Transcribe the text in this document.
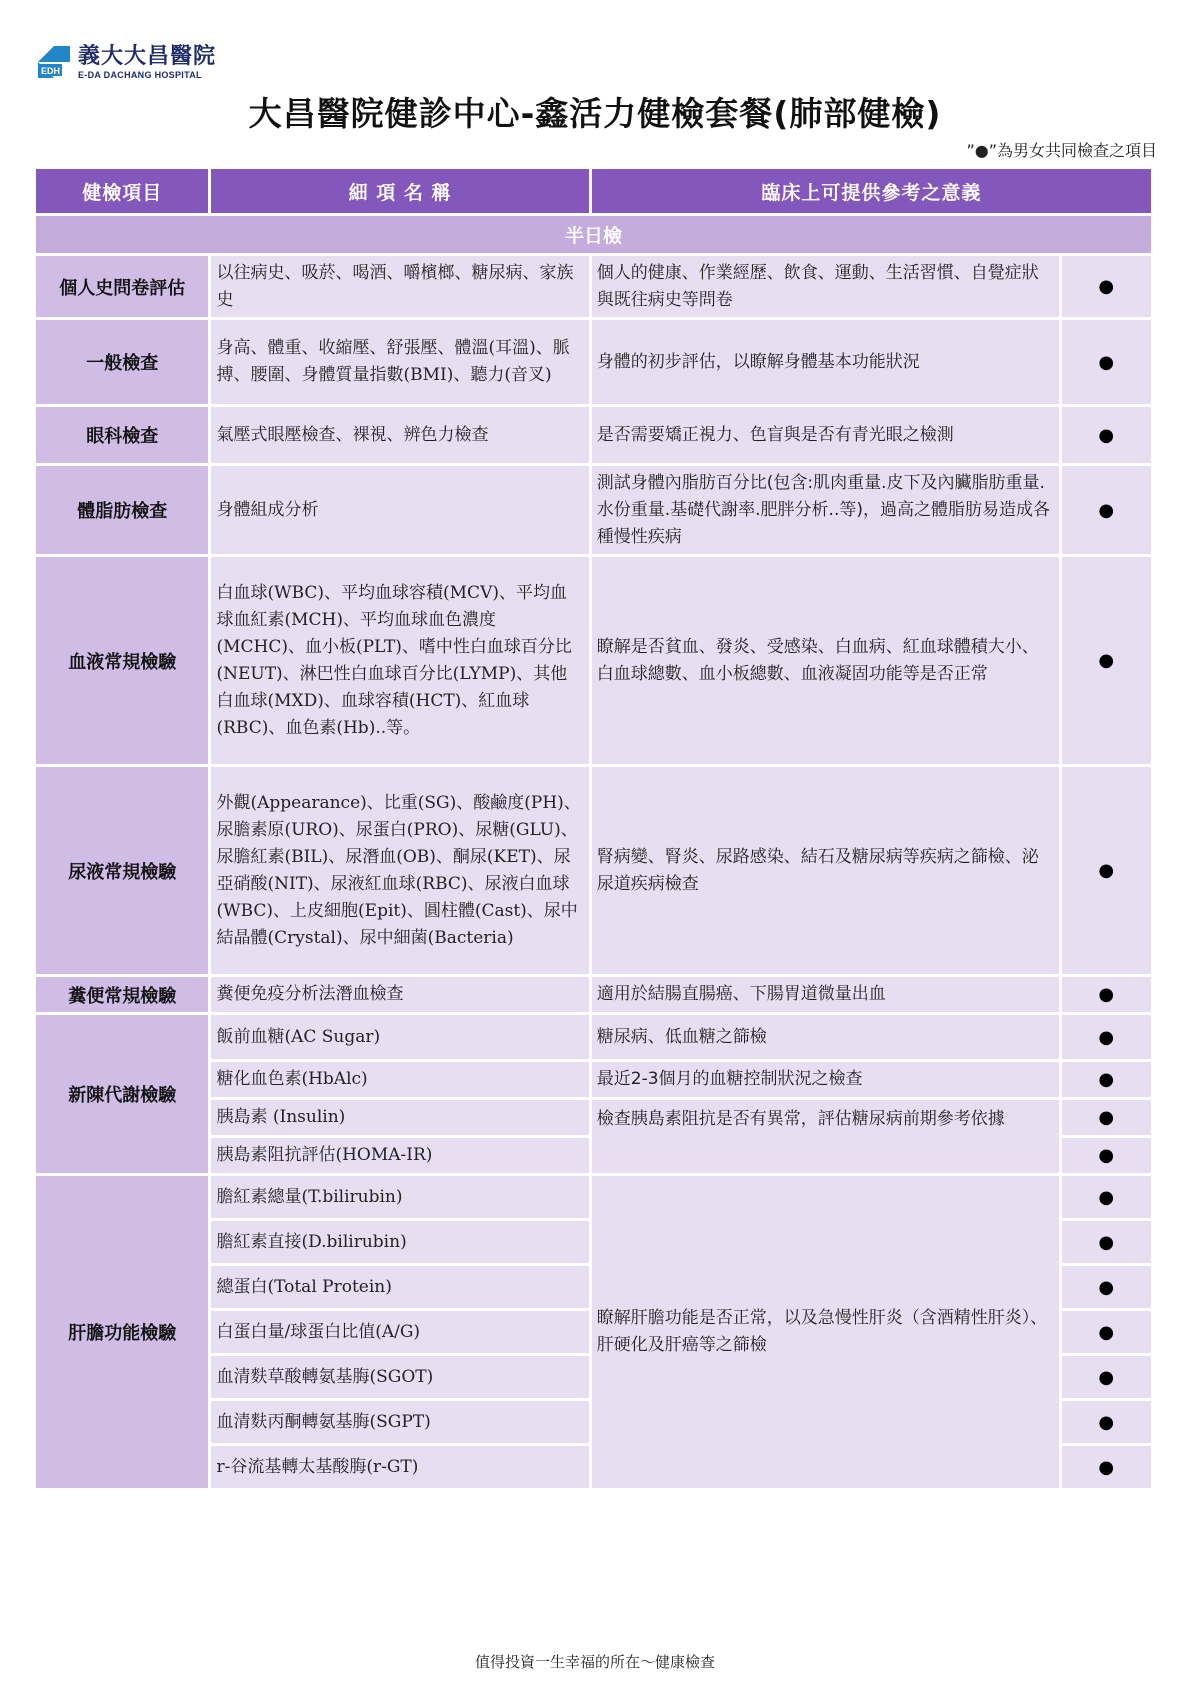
EDH
義大大昌醫院
E-DA DACHANG HOSPITAL
大昌醫院健診中心-鑫活力健檢套餐(肺部健檢)
”●”為男女共同檢查之項目
健檢項目	細 項 名 稱	臨床上可提供參考之意義	
半日檢			
個人史問卷評估	以往病史、吸菸、喝酒、嚼檳榔、糖尿病、家族史	個人的健康、作業經歷、飲食、運動、生活習慣、自覺症狀與既往病史等問卷	●
一般檢查	身高、體重、收縮壓、舒張壓、體溫(耳溫)、脈搏、腰圍、身體質量指數(BMI)、聽力(音叉)	身體的初步評估，以瞭解身體基本功能狀況	●
眼科檢查	氣壓式眼壓檢查、裸視、辨色力檢查	是否需要矯正視力、色盲與是否有青光眼之檢測	●
體脂肪檢查	身體組成分析	測試身體內脂肪百分比(包含:肌肉重量.皮下及內臟脂肪重量.水份重量.基礎代謝率.肥胖分析..等)，過高之體脂肪易造成各種慢性疾病	●
血液常規檢驗	白血球(WBC)、平均血球容積(MCV)、平均血球血紅素(MCH)、平均血球血色濃度(MCHC)、血小板(PLT)、嗜中性白血球百分比(NEUT)、淋巴性白血球百分比(LYMP)、其他白血球(MXD)、血球容積(HCT)、紅血球(RBC)、血色素(Hb)..等。	瞭解是否貧血、發炎、受感染、白血病、紅血球體積大小、白血球總數、血小板總數、血液凝固功能等是否正常	●
尿液常規檢驗	外觀(Appearance)、比重(SG)、酸鹼度(PH)、尿膽素原(URO)、尿蛋白(PRO)、尿糖(GLU)、尿膽紅素(BIL)、尿潛血(OB)、酮尿(KET)、尿亞硝酸(NIT)、尿液紅血球(RBC)、尿液白血球(WBC)、上皮細胞(Epit)、圓柱體(Cast)、尿中結晶體(Crystal)、尿中細菌(Bacteria)	腎病變、腎炎、尿路感染、結石及糖尿病等疾病之篩檢、泌尿道疾病檢查	●
糞便常規檢驗	糞便免疫分析法潛血檢查	適用於結腸直腸癌、下腸胃道微量出血	●
新陳代謝檢驗	飯前血糖(AC Sugar)	糖尿病、低血糖之篩檢	●
	糖化血色素(HbAlc)	最近2-3個月的血糖控制狀況之檢查	●
	胰島素 (Insulin)	檢查胰島素阻抗是否有異常，評估糖尿病前期參考依據	●
	胰島素阻抗評估(HOMA-IR)		●
肝膽功能檢驗	膽紅素總量(T.bilirubin)	瞭解肝膽功能是否正常，以及急慢性肝炎（含酒精性肝炎）、肝硬化及肝癌等之篩檢	●
	膽紅素直接(D.bilirubin)		●
	總蛋白(Total Protein)		●
	白蛋白量/球蛋白比值(A/G)		●
	血清麩草酸轉氨基脢(SGOT)		●
	血清麩丙酮轉氨基脢(SGPT)		●
	r-谷流基轉太基酸脢(r-GT)		●
值得投資一生幸福的所在～健康檢查
